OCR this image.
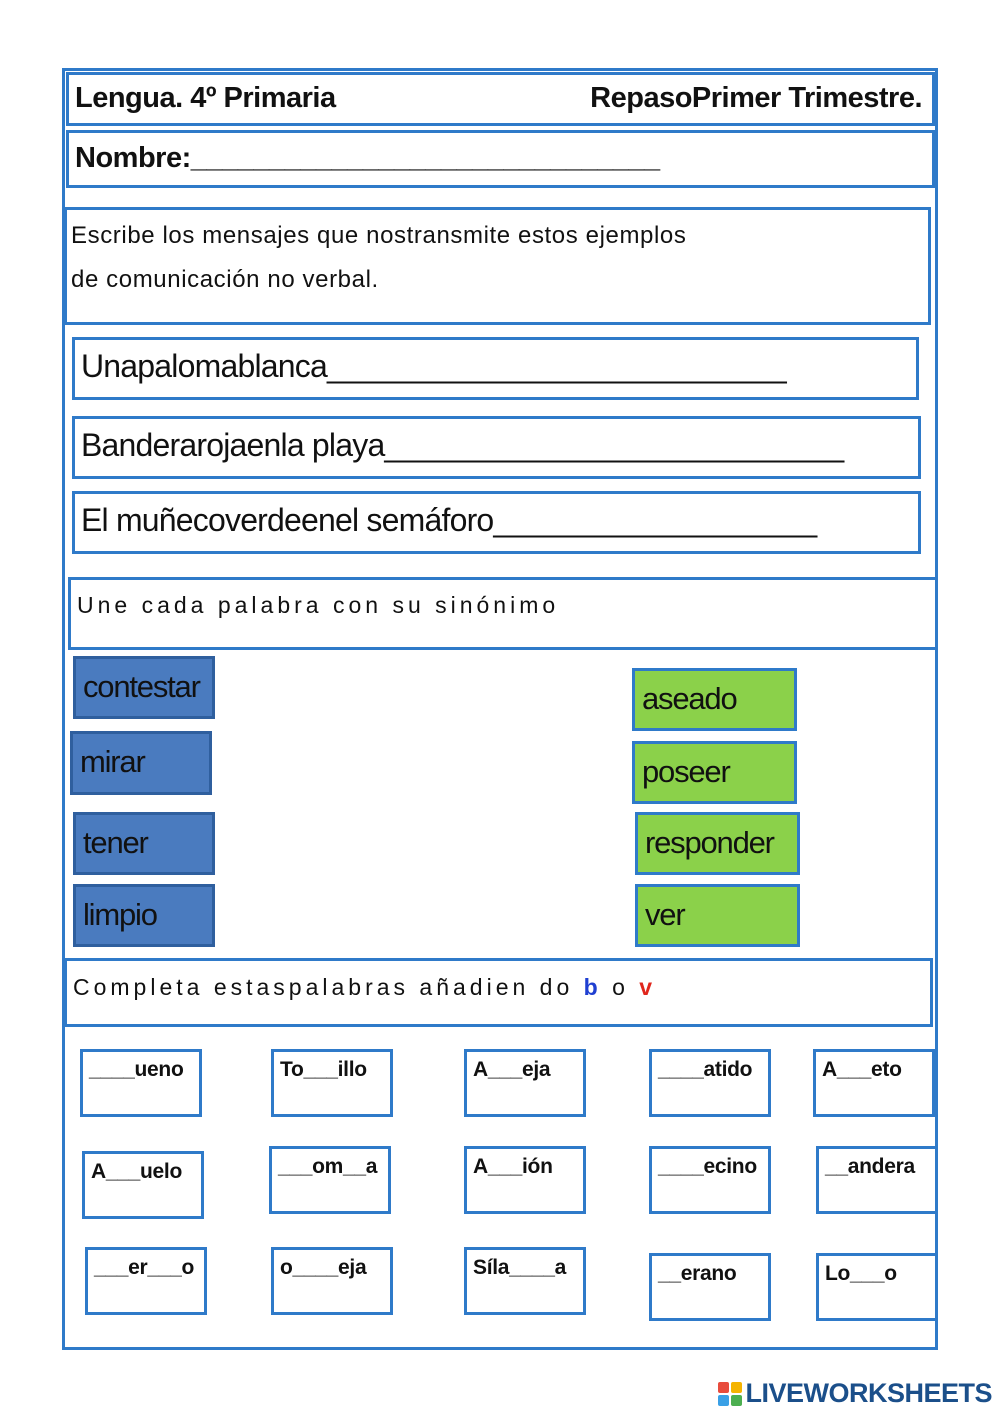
Lengua. 4º Primaria	RepasoPrimer Trimestre.
Nombre:______________________________
Escribe los mensajes que nostransmite estos ejemplos
de comunicación no verbal.
Unapalomablanca___________________________
Banderarojaenla playa___________________________
El muñecoverdeenel semáforo___________________
Une cada palabra con su sinónimo
contestar
mirar
tener
limpio
aseado
poseer
responder
ver
Completa estaspalabras añadien do b o v
____ueno	To___illo	A___eja	____atido	A___eto
A___uelo	___om__a	A___ión	____ecino	__andera
___er___o	o____eja	Síla____a	__erano	Lo___o
LIVEWORKSHEETS
